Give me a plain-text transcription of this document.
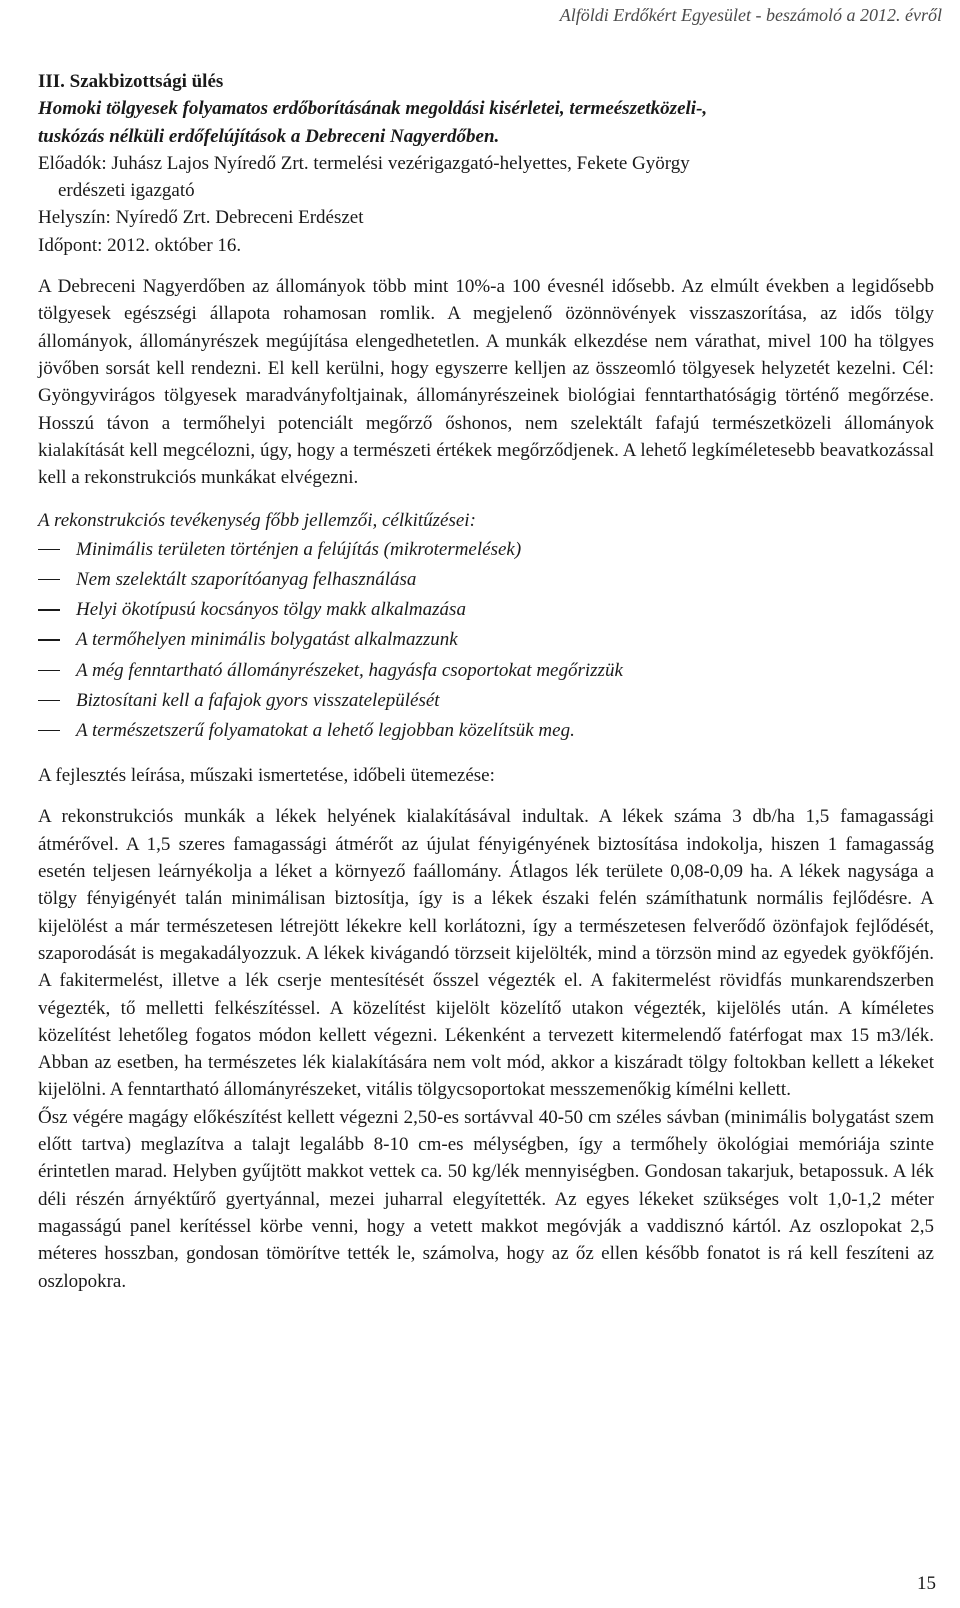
Alföldi Erdőkért Egyesület - beszámoló a 2012. évről
III. Szakbizottsági ülés
Homoki tölgyesek folyamatos erdőborításának megoldási kisérletei, termeészetközeli-,
tuskózás nélküli erdőfelújítások a Debreceni Nagyerdőben.

Előadók: Juhász Lajos Nyíredő Zrt. termelési vezérigazgató-helyettes, Fekete György

erdészeti igazgató

Helyszín: Nyíredő Zrt. Debreceni Erdészet

Időpont: 2012. október 16.

A Debreceni Nagyerdőben az állományok több mint 10%-a 100 évesnél idősebb. Az elmúlt években a legidősebb tölgyesek egészségi állapota rohamosan romlik. A megjelenő özönnövények visszaszorítása, az idős tölgy állományok, állományrészek megújítása elengedhetetlen. A munkák elkezdése nem várathat, mivel 100 ha tölgyes jövőben sorsát kell rendezni. El kell kerülni, hogy egyszerre kelljen az összeomló tölgyesek helyzetét kezelni. Cél: Gyöngyvirágos tölgyesek maradványfoltjainak, állományrészeinek biológiai fenntarthatóságig történő megőrzése. Hosszú távon a termőhelyi potenciált megőrző őshonos, nem szelektált fafajú természetközeli állományok kialakítását kell megcélozni, úgy, hogy a természeti értékek megőrződjenek. A lehető legkíméletesebb beavatkozással kell a rekonstrukciós munkákat elvégezni.

A rekonstrukciós tevékenység főbb jellemzői, célkitűzései:

Minimális területen történjen a felújítás (mikrotermelések)
Nem szelektált szaporítóanyag felhasználása
Helyi ökotípusú kocsányos tölgy makk alkalmazása
A termőhelyen minimális bolygatást alkalmazzunk
A még fenntartható állományrészeket, hagyásfa csoportokat megőrizzük
Biztosítani kell a fafajok gyors visszatelepülését
A természetszerű folyamatokat a lehető legjobban közelítsük meg.

A fejlesztés leírása, műszaki ismertetése, időbeli ütemezése:

A rekonstrukciós munkák a lékek helyének kialakításával indultak. A lékek száma 3 db/ha 1,5 famagassági átmérővel. A 1,5 szeres famagassági átmérőt az újulat fényigényének biztosítása indokolja, hiszen 1 famagasság esetén teljesen leárnyékolja a léket a környező faállomány. Átlagos lék területe 0,08-0,09 ha. A lékek nagysága a tölgy fényigényét talán minimálisan biztosítja, így is a lékek északi felén számíthatunk normális fejlődésre. A kijelölést a már természetesen létrejött lékekre kell korlátozni, így a természetesen felverődő özönfajok fejlődését, szaporodását is megakadályozzuk. A lékek kivágandó törzseit kijelölték, mind a törzsön mind az egyedek gyökfőjén. A fakitermelést, illetve a lék cserje mentesítését ősszel végezték el. A fakitermelést rövidfás munkarendszerben végezték, tő melletti felkészítéssel. A közelítést kijelölt közelítő utakon végezték, kijelölés után. A kíméletes közelítést lehetőleg fogatos módon kellett végezni. Lékenként a tervezett kitermelendő fatérfogat max 15 m3/lék. Abban az esetben, ha természetes lék kialakítására nem volt mód, akkor a kiszáradt tölgy foltokban kellett a lékeket kijelölni. A fenntartható állományrészeket, vitális tölgycsoportokat messzemenőkig kímélni kellett.

Ősz végére magágy előkészítést kellett végezni 2,50-es sortávval 40-50 cm széles sávban (minimális bolygatást szem előtt tartva) meglazítva a talajt legalább 8-10 cm-es mélységben, így a termőhely ökológiai memóriája szinte érintetlen marad. Helyben gyűjtött makkot vettek ca. 50 kg/lék mennyiségben. Gondosan takarjuk, betapossuk. A lék déli részén árnyéktűrő gyertyánnal, mezei juharral elegyítették. Az egyes lékeket szükséges volt 1,0-1,2 méter magasságú panel kerítéssel körbe venni, hogy a vetett makkot megóvják a vaddisznó kártól. Az oszlopokat 2,5 méteres hosszban, gondosan tömörítve tették le, számolva, hogy az őz ellen később fonatot is rá kell feszíteni az oszlopokra.

15
